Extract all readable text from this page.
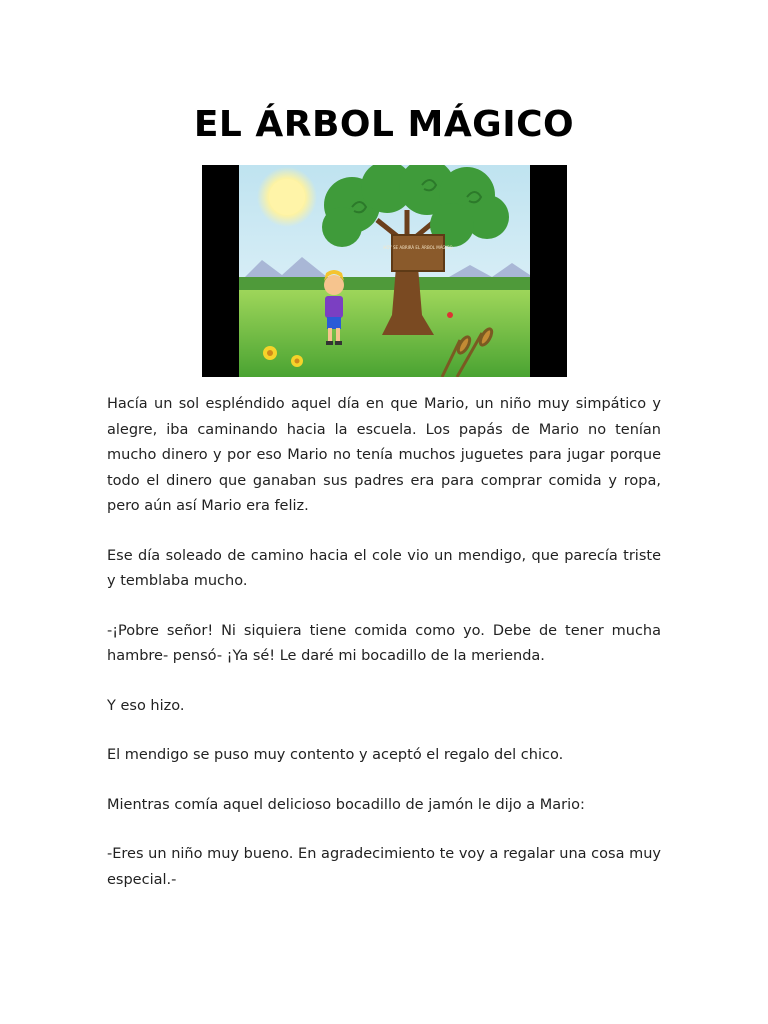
EL ÁRBOL MÁGICO
HOY SE ABRIRÁ EL ÁRBOL MÁGICO

Hacía un sol espléndido aquel día en que Mario, un niño muy simpático y alegre, iba caminando hacia la escuela. Los papás de Mario no tenían mucho dinero y por eso Mario no tenía muchos juguetes para jugar porque todo el dinero que ganaban sus padres era para comprar comida y ropa, pero aún así Mario era feliz.

Ese día soleado de camino hacia el cole vio un mendigo, que parecía triste y temblaba mucho.

-¡Pobre señor! Ni siquiera tiene comida como yo. Debe de tener mucha hambre- pensó- ¡Ya sé! Le daré mi bocadillo de la merienda.

Y eso hizo.

El mendigo se puso muy contento y aceptó el regalo del chico.

Mientras comía aquel delicioso bocadillo de jamón le dijo a Mario:

-Eres un niño muy bueno. En agradecimiento te voy a regalar una cosa muy especial.-
